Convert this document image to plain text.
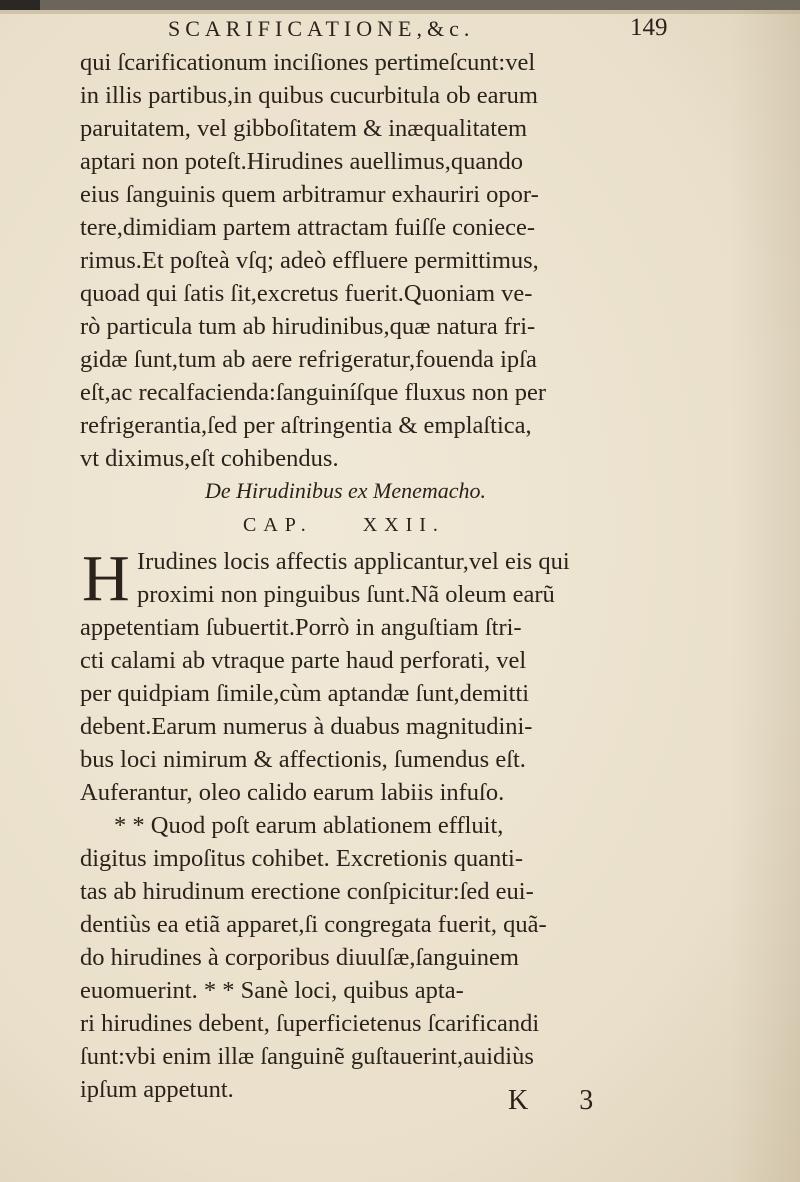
SCARIFICATIONE,&c.	149
qui ſcarificationum inciſiones pertimeſcunt:vel
in illis partibus,in quibus cucurbitula ob earum
paruitatem, vel gibboſitatem & inæqualitatem
aptari non poteſt.Hirudines auellimus,quando
eius ſanguinis quem arbitramur exhauriri opor-
tere,dimidiam partem attractam fuiſſe coniece-
rimus.Et poſteà vſq; adeò effluere permittimus,
quoad qui ſatis ſit,excretus fuerit.Quoniam ve-
rò particula tum ab hirudinibus,quæ natura fri-
gidæ ſunt,tum ab aere refrigeratur,fouenda ipſa
eſt,ac recalfacienda:ſanguiníſque fluxus non per
refrigerantia,ſed per aſtringentia & emplaſtica,
vt diximus,eſt cohibendus.
De Hirudinibus ex Menemacho.
CAP.	XXII.
H Irudines locis affectis applicantur,vel eis qui
proximi non pinguibus ſunt.Nã oleum earũ
appetentiam ſubuertit.Porrò in anguſtiam ſtri-
cti calami ab vtraque parte haud perforati, vel
per quidpiam ſimile,cùm aptandæ ſunt,demitti
debent.Earum numerus à duabus magnitudini-
bus loci nimirum & affectionis, ſumendus eſt.
Auferantur, oleo calido earum labiis infuſo.
* * Quod poſt earum ablationem effluit,
digitus impoſitus cohibet. Excretionis quanti-
tas ab hirudinum erectione conſpicitur:ſed eui-
dentiùs ea etiã apparet,ſi congregata fuerit, quã-
do hirudines à corporibus diuulſæ,ſanguinem
euomuerint. * * Sanè loci, quibus apta-
ri hirudines debent, ſuperficietenus ſcarificandi
ſunt:vbi enim illæ ſanguinẽ guſtauerint,auidiùs
ipſum appetunt.	K 3
